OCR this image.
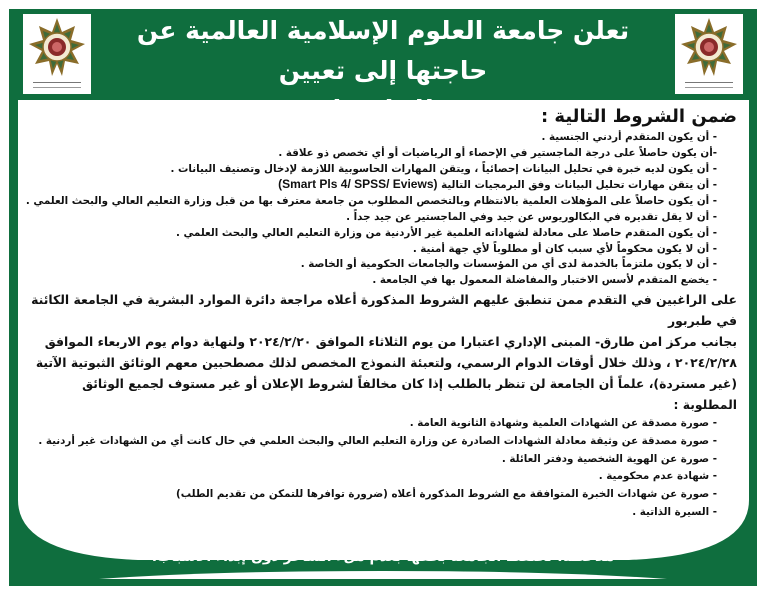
تعلن جامعة العلوم الإسلامية العالمية عن حاجتها إلى تعيين
ضمن الشروط التالية :
- أن يكون المتقدم أردني الجنسية .
-أن يكون حاصلاً على درجة الماجستير في الإحصاء أو الرياضيات أو أي تخصص ذو علاقة .
- أن يكون لديه خبرة في تحليل البيانات إحصائياً ، ويتقن المهارات الحاسوبية اللازمة لإدخال وتصنيف البيانات .
- أن يتقن مهارات تحليل البيانات وفق البرمجيات التالية (Smart Pls 4/ SPSS/ Eviews)
- أن يكون حاصلاً على المؤهلات العلمية بالانتظام وبالتخصص المطلوب من جامعة معترف بها من قبل وزارة التعليم العالي والبحث العلمي .
- أن لا يقل تقديره في البكالوريوس عن جيد وفي الماجستير عن جيد جداً .
- أن يكون المتقدم حاصلا على معادلة لشهاداته العلمية غير الأردنية من وزارة التعليم العالي والبحث العلمي .
- أن لا يكون محكوماً لأي سبب كان أو مطلوباً لأي جهة أمنية .
- أن لا يكون ملتزماً بالخدمة لدى أي من المؤسسات والجامعات الحكومية أو الخاصة .
- يخضع المتقدم لأسس الاختبار والمفاضلة المعمول بها في الجامعة .
على الراغبين في التقدم ممن تنطبق عليهم الشروط المذكورة أعلاه مراجعة دائرة الموارد البشرية في الجامعة الكائنة في طبربور
بجانب مركز امن طارق- المبنى الإداري اعتبارا من يوم الثلاثاء الموافق ٢٠٢٤/٢/٢٠ ولنهاية دوام يوم الاربعاء الموافق
٢٠٢٤/٢/٢٨ ، وذلك خلال أوقات الدوام الرسمي، ولتعبئة النموذج المخصص لذلك مصطحبين معهم الوثائق الثبوتية الآتية
(غير مستردة)، علماً أن الجامعة لن تنظر بالطلب إذا كان مخالفاً لشروط الإعلان أو غير مستوف لجميع الوثائق المطلوبة :
- صورة مصدقة عن الشهادات العلمية وشهادة الثانوية العامة .
- صورة مصدقة عن وثيقة معادلة الشهادات الصادرة عن وزارة التعليم العالي والبحث العلمي في حال كانت أي من الشهادات غير أردنية .
- صورة عن الهوية الشخصية ودفتر العائلة .
- شهادة عدم محكومية .
- صورة عن شهادات الخبرة المتوافقة مع الشروط المذكورة أعلاه (ضرورة توافرها للتمكن من تقديم الطلب)
- السيرة الذاتية .
ملاحظة: تحتفظ الجامعة بحقها بعدم ملء الشاغر دون إبداء الأسباب.
